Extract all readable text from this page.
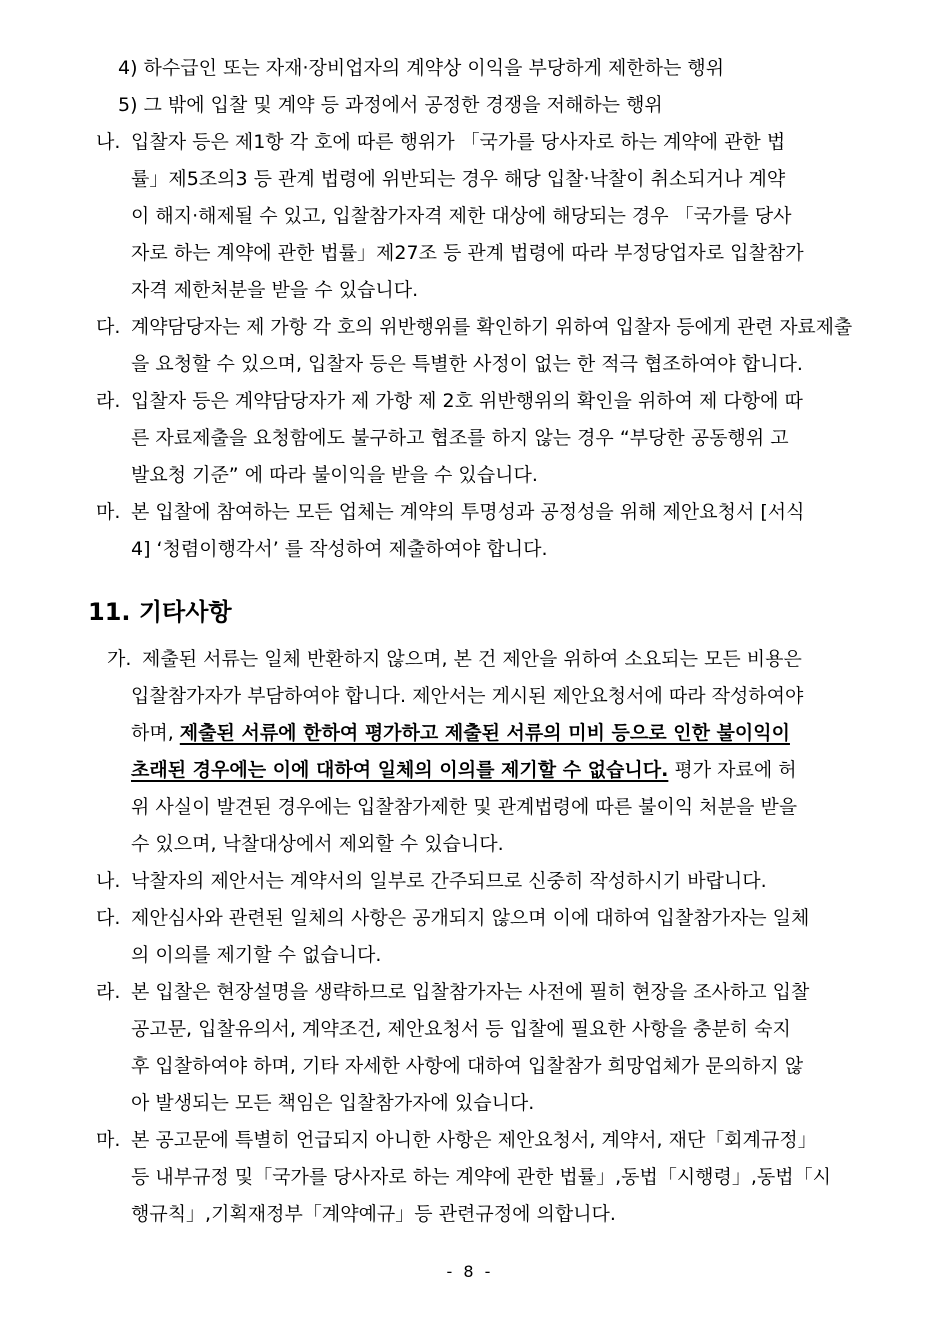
4) 하수급인 또는 자재·장비업자의 계약상 이익을 부당하게 제한하는 행위
5) 그 밖에 입찰 및 계약 등 과정에서 공정한 경쟁을 저해하는 행위
나. 입찰자 등은 제1항 각 호에 따른 행위가 「국가를 당사자로 하는 계약에 관한 법
률」제5조의3 등 관계 법령에 위반되는 경우 해당 입찰·낙찰이 취소되거나 계약
이 해지·해제될 수 있고, 입찰참가자격 제한 대상에 해당되는 경우 「국가를 당사
자로 하는 계약에 관한 법률」제27조 등 관계 법령에 따라 부정당업자로 입찰참가
자격 제한처분을 받을 수 있습니다.
다. 계약담당자는 제 가항 각 호의 위반행위를 확인하기 위하여 입찰자 등에게 관련 자료제출
을 요청할 수 있으며, 입찰자 등은 특별한 사정이 없는 한 적극 협조하여야 합니다.
라. 입찰자 등은 계약담당자가 제 가항 제 2호 위반행위의 확인을 위하여 제 다항에 따
른 자료제출을 요청함에도 불구하고 협조를 하지 않는 경우 “부당한 공동행위 고
발요청 기준” 에 따라 불이익을 받을 수 있습니다.
마. 본 입찰에 참여하는 모든 업체는 계약의 투명성과 공정성을 위해 제안요청서 [서식
4] ‘청렴이행각서’ 를 작성하여 제출하여야 합니다.
11. 기타사항
가. 제출된 서류는 일체 반환하지 않으며, 본 건 제안을 위하여 소요되는 모든 비용은
입찰참가자가 부담하여야 합니다. 제안서는 게시된 제안요청서에 따라 작성하여야
하며, 제출된 서류에 한하여 평가하고 제출된 서류의 미비 등으로 인한 불이익이
초래된 경우에는 이에 대하여 일체의 이의를 제기할 수 없습니다. 평가 자료에 허
위 사실이 발견된 경우에는 입찰참가제한 및 관계법령에 따른 불이익 처분을 받을
수 있으며, 낙찰대상에서 제외할 수 있습니다.
나. 낙찰자의 제안서는 계약서의 일부로 간주되므로 신중히 작성하시기 바랍니다.
다. 제안심사와 관련된 일체의 사항은 공개되지 않으며 이에 대하여 입찰참가자는 일체
의 이의를 제기할 수 없습니다.
라. 본 입찰은 현장설명을 생략하므로 입찰참가자는 사전에 필히 현장을 조사하고 입찰
공고문, 입찰유의서, 계약조건, 제안요청서 등 입찰에 필요한 사항을 충분히 숙지
후 입찰하여야 하며, 기타 자세한 사항에 대하여 입찰참가 희망업체가 문의하지 않
아 발생되는 모든 책임은 입찰참가자에 있습니다.
마. 본 공고문에 특별히 언급되지 아니한 사항은 제안요청서, 계약서, 재단「회계규정」
등 내부규정 및「국가를 당사자로 하는 계약에 관한 법률」,동법「시행령」,동법「시
행규칙」,기획재정부「계약예규」등 관련규정에 의합니다.
- 8 -
